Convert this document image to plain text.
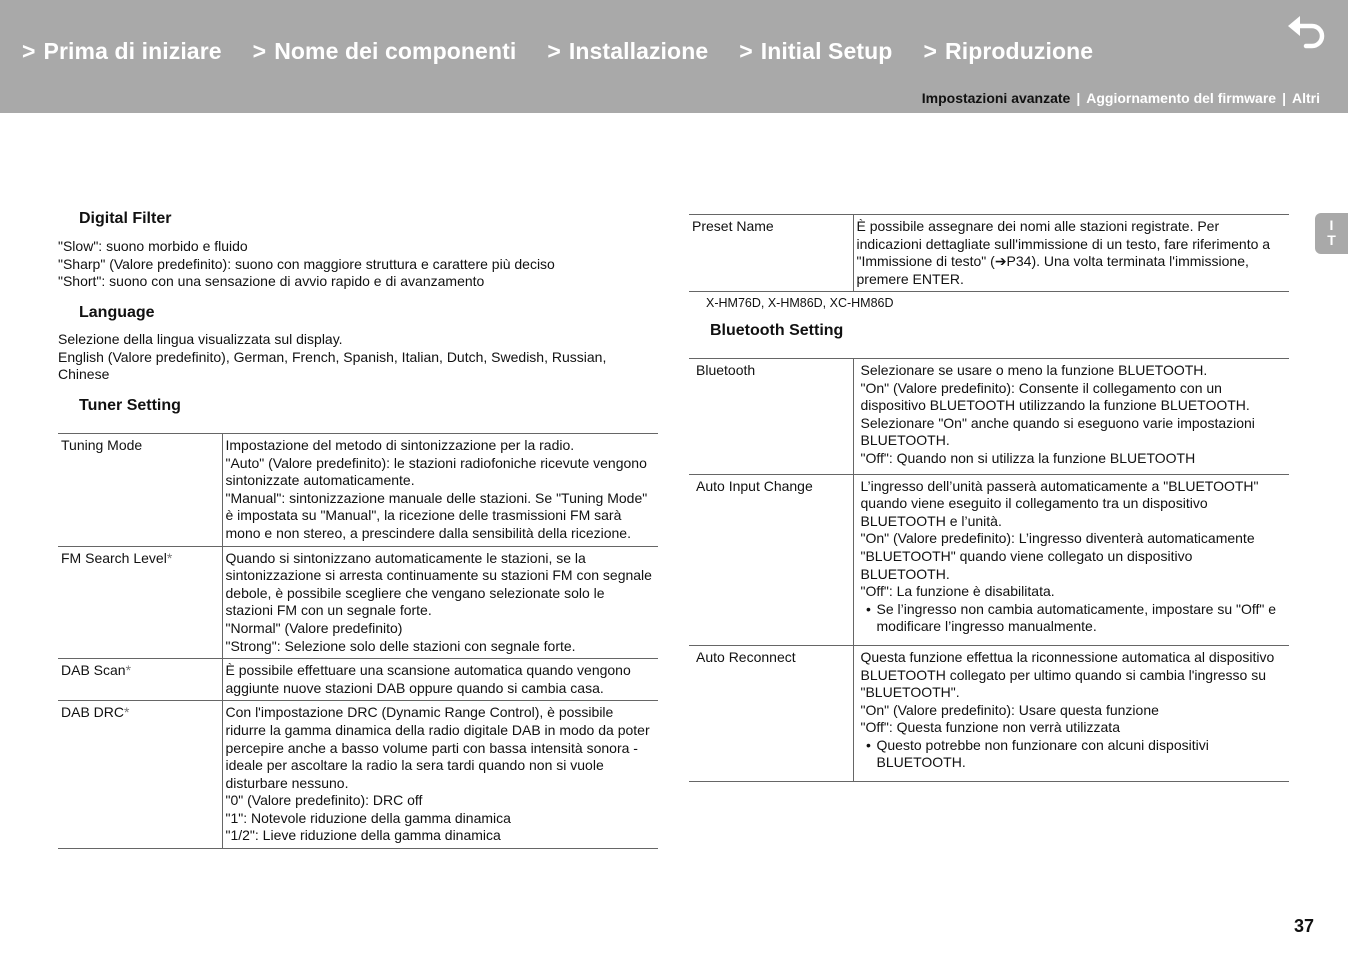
> Prima di iniziare > Nome dei componenti > Installazione > Initial Setup > Riproduzione
Impostazioni avanzate | Aggiornamento del firmware | Altri
I
T
Digital Filter
"Slow": suono morbido e fluido
"Sharp" (Valore predefinito): suono con maggiore struttura e carattere più deciso
"Short": suono con una sensazione di avvio rapido e di avanzamento
Language
Selezione della lingua visualizzata sul display.
English (Valore predefinito), German, French, Spanish, Italian, Dutch, Swedish, Russian, Chinese
Tuner Setting
Tuning Mode	Impostazione del metodo di sintonizzazione per la radio.
"Auto" (Valore predefinito): le stazioni radiofoniche ricevute vengono sintonizzate automaticamente.
"Manual": sintonizzazione manuale delle stazioni. Se "Tuning Mode" è impostata su "Manual", la ricezione delle trasmissioni FM sarà mono e non stereo, a prescindere dalla sensibilità della ricezione.

FM Search Level*	Quando si sintonizzano automaticamente le stazioni, se la sintonizzazione si arresta continuamente su stazioni FM con segnale debole, è possibile scegliere che vengano selezionate solo le stazioni FM con un segnale forte.
"Normal" (Valore predefinito)
"Strong": Selezione solo delle stazioni con segnale forte.

DAB Scan*	È possibile effettuare una scansione automatica quando vengono aggiunte nuove stazioni DAB oppure quando si cambia casa.

DAB DRC*	Con l'impostazione DRC (Dynamic Range Control), è possibile ridurre la gamma dinamica della radio digitale DAB in modo da poter percepire anche a basso volume parti con bassa intensità sonora - ideale per ascoltare la radio la sera tardi quando non si vuole disturbare nessuno.
"0" (Valore predefinito): DRC off
"1": Notevole riduzione della gamma dinamica
"1/2": Lieve riduzione della gamma dinamica
Preset Name	È possibile assegnare dei nomi alle stazioni registrate. Per indicazioni dettagliate sull'immissione di un testo, fare riferimento a "Immissione di testo" (➔P34). Una volta terminata l'immissione, premere ENTER.
X-HM76D, X-HM86D, XC-HM86D
Bluetooth Setting
Bluetooth	Selezionare se usare o meno la funzione BLUETOOTH.
"On" (Valore predefinito): Consente il collegamento con un dispositivo BLUETOOTH utilizzando la funzione BLUETOOTH. Selezionare "On" anche quando si eseguono varie impostazioni BLUETOOTH.
"Off": Quando non si utilizza la funzione BLUETOOTH

Auto Input Change	L’ingresso dell’unità passerà automaticamente a "BLUETOOTH" quando viene eseguito il collegamento tra un dispositivo BLUETOOTH e l’unità.
"On" (Valore predefinito): L’ingresso diventerà automaticamente "BLUETOOTH" quando viene collegato un dispositivo BLUETOOTH.
"Off": La funzione è disabilitata.
• Se l’ingresso non cambia automaticamente, impostare su "Off" e modificare l’ingresso manualmente.

Auto Reconnect	Questa funzione effettua la riconnessione automatica al dispositivo BLUETOOTH collegato per ultimo quando si cambia l'ingresso su "BLUETOOTH".
"On" (Valore predefinito): Usare questa funzione
"Off": Questa funzione non verrà utilizzata
• Questo potrebbe non funzionare con alcuni dispositivi BLUETOOTH.
37
